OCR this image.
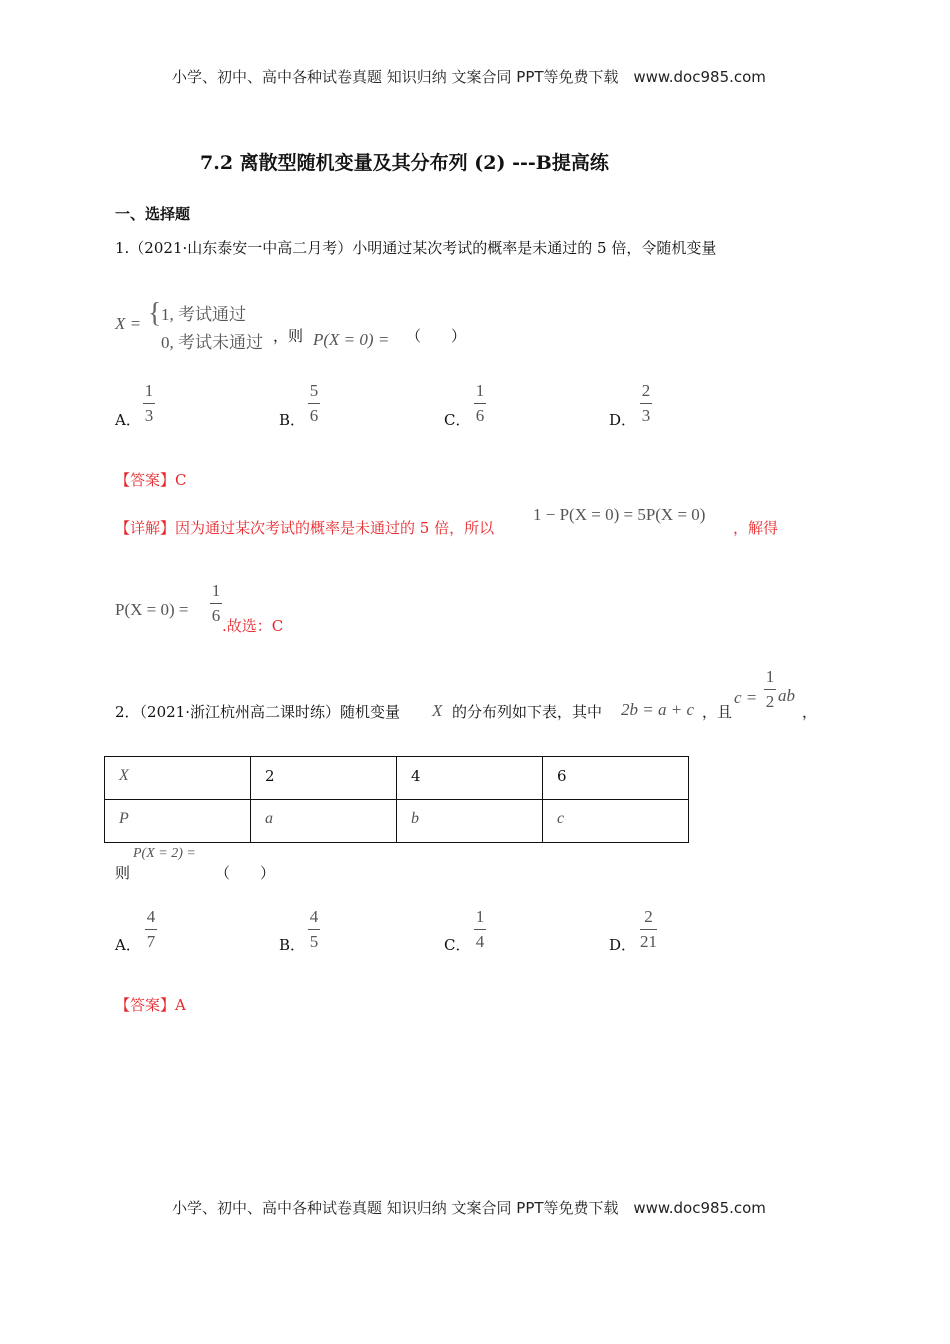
小学、初中、高中各种试卷真题 知识归纳 文案合同 PPT等免费下载 www.doc985.com
7.2 离散型随机变量及其分布列 (2) ---B提高练
一、选择题
1.（2021·山东泰安一中高二月考）小明通过某次考试的概率是未通过的 5 倍，令随机变量
X = { 1, 考试通过
0, 考试未通过 ，则 P(X = 0) = （　　）
A．
1
3	B．
5
6	C．
1
6	D．
2
3
【答案】C
【详解】因为通过某次考试的概率是未通过的 5 倍，所以
1 − P(X = 0) = 5P(X = 0)
，解得
P(X = 0) =
1
6
.故选：C
2．（2021·浙江杭州高二课时练）随机变量 X 的分布列如下表，其中 2b = a + c ，且
c =
1
2 ab
，
X	2	4	6
P	a	b	c
则
P(X = 2) =
（　　）
A．
4
7	B．
4
5	C．
1
4	D．
2
21
【答案】A
小学、初中、高中各种试卷真题 知识归纳 文案合同 PPT等免费下载 www.doc985.com
